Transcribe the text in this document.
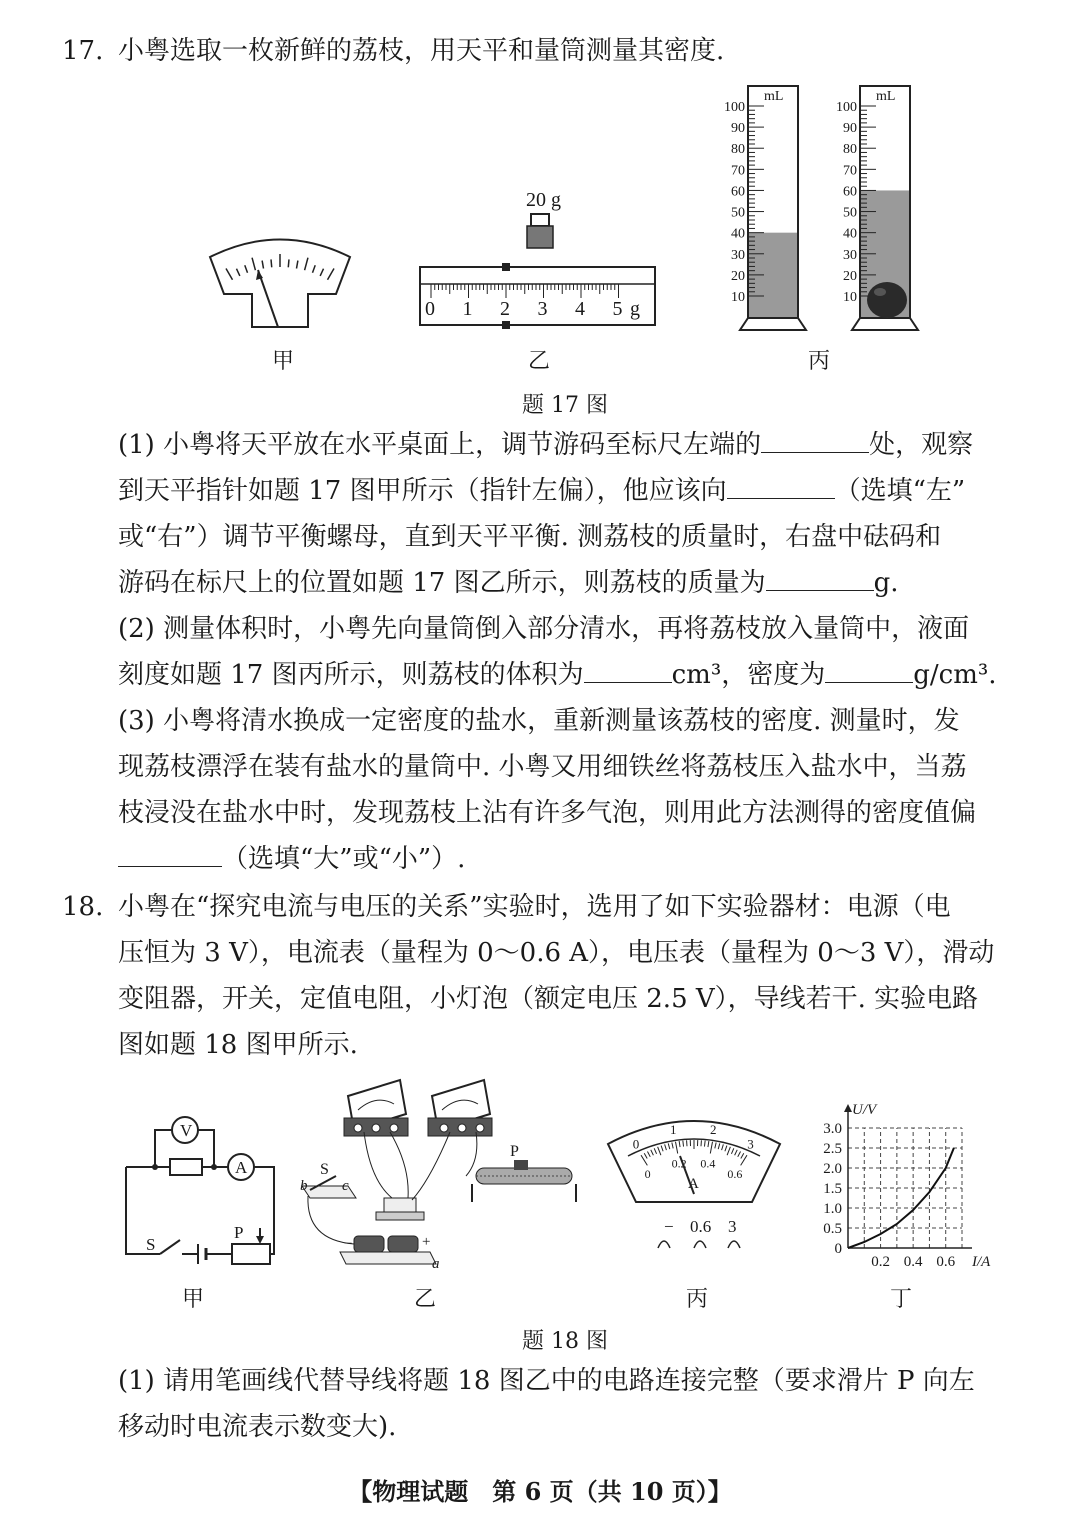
17. 小粤选取一枚新鲜的荔枝，用天平和量筒测量其密度.
20 g
0 1 2 3 4 5 g
mL
100
90
80
70
60
50
40
30
20
10
mL
100
90
80
70
60
50
40
30
20
10
甲	乙	丙
题 17 图
(1) 小粤将天平放在水平桌面上，调节游码至标尺左端的	处，观察
到天平指针如题 17 图甲所示（指针左偏），他应该向	（选填“左”
或“右”）调节平衡螺母，直到天平平衡. 测荔枝的质量时，右盘中砝码和
游码在标尺上的位置如题 17 图乙所示，则荔枝的质量为	g.
(2) 测量体积时，小粤先向量筒倒入部分清水，再将荔枝放入量筒中，液面
刻度如题 17 图丙所示，则荔枝的体积为	cm³，密度为	g/cm³.
(3) 小粤将清水换成一定密度的盐水，重新测量该荔枝的密度. 测量时，发
现荔枝漂浮在装有盐水的量筒中. 小粤又用细铁丝将荔枝压入盐水中，当荔
枝浸没在盐水中时，发现荔枝上沾有许多气泡，则用此方法测得的密度值偏
（选填“大”或“小”）.
18. 小粤在“探究电流与电压的关系”实验时，选用了如下实验器材：电源（电
压恒为 3 V），电流表（量程为 0～0.6 A），电压表（量程为 0～3 V），滑动
变阻器，开关，定值电阻，小灯泡（额定电压 2.5 V），导线若干. 实验电路
图如题 18 图甲所示.
V
A
S
P
S
b c
P
−	+
a
0
1	2
3
0
0.2 0.4
0.6
A
− 0.6 3
U/V
I/A
0
0.5
1.0
1.5
2.0
2.5
3.0
0.2 0.4 0.6
甲	乙	丙	丁
题 18 图
(1) 请用笔画线代替导线将题 18 图乙中的电路连接完整（要求滑片 P 向左
移动时电流表示数变大).
【物理试题　第 6 页（共 10 页）】
